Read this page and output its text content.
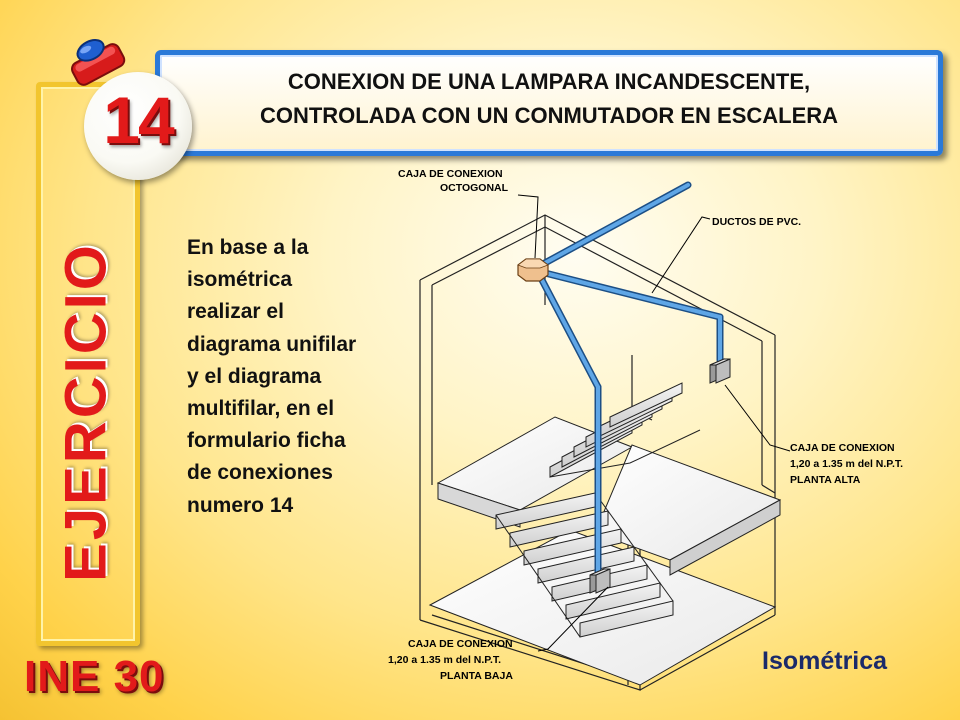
CONEXION DE UNA LAMPARA INCANDESCENTE,
CONTROLADA CON UN CONMUTADOR EN ESCALERA
EJERCICIO
14
En base a la isométrica realizar el diagrama unifilar y el diagrama multifilar, en el formulario ficha de conexiones numero 14
INE 30
CAJA DE CONEXION
OCTOGONAL
DUCTOS DE PVC.
CAJA DE CONEXION
1,20 a 1.35 m del N.P.T.
PLANTA ALTA
CAJA DE CONEXION
1,20 a 1.35 m del N.P.T.
PLANTA BAJA
Isométrica
